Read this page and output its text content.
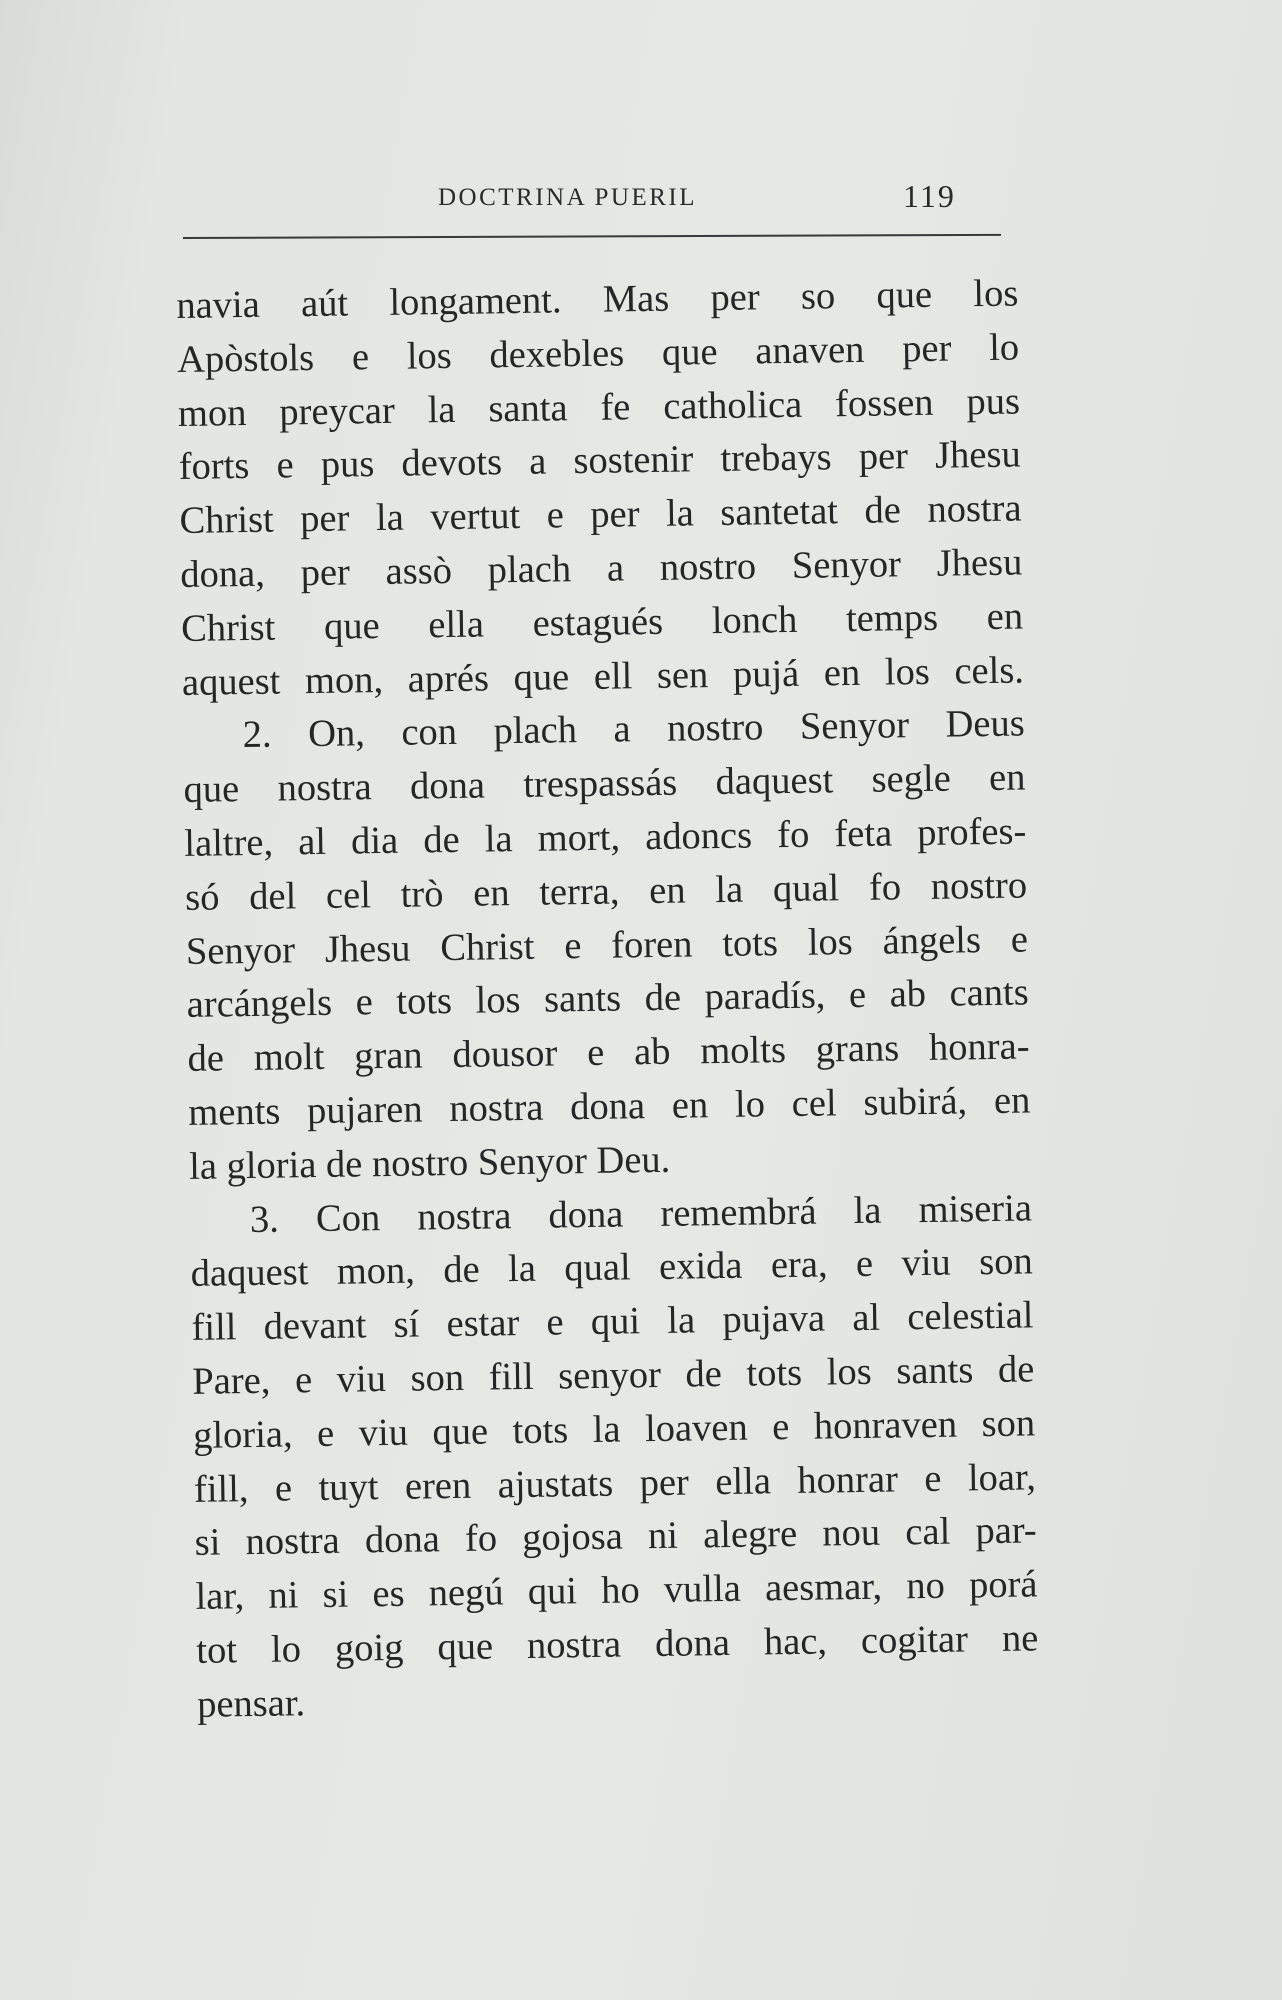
DOCTRINA PUERIL	119
navia aút longament. Mas per so que los
Apòstols e los dexebles que anaven per lo
mon preycar la santa fe catholica fossen pus
forts e pus devots a sostenir trebays per Jhesu
Christ per la vertut e per la santetat de nostra
dona, per assò plach a nostro Senyor Jhesu
Christ que ella estagués lonch temps en
aquest mon, aprés que ell sen pujá en los cels.
2. On, con plach a nostro Senyor Deus
que nostra dona trespassás daquest segle en
laltre, al dia de la mort, adoncs fo feta profes-
só del cel trò en terra, en la qual fo nostro
Senyor Jhesu Christ e foren tots los ángels e
arcángels e tots los sants de paradís, e ab cants
de molt gran dousor e ab molts grans honra-
ments pujaren nostra dona en lo cel subirá, en
la gloria de nostro Senyor Deu.
3. Con nostra dona remembrá la miseria
daquest mon, de la qual exida era, e viu son
fill devant sí estar e qui la pujava al celestial
Pare, e viu son fill senyor de tots los sants de
gloria, e viu que tots la loaven e honraven son
fill, e tuyt eren ajustats per ella honrar e loar,
si nostra dona fo gojosa ni alegre nou cal par-
lar, ni si es negú qui ho vulla aesmar, no porá
tot lo goig que nostra dona hac, cogitar ne
pensar.
